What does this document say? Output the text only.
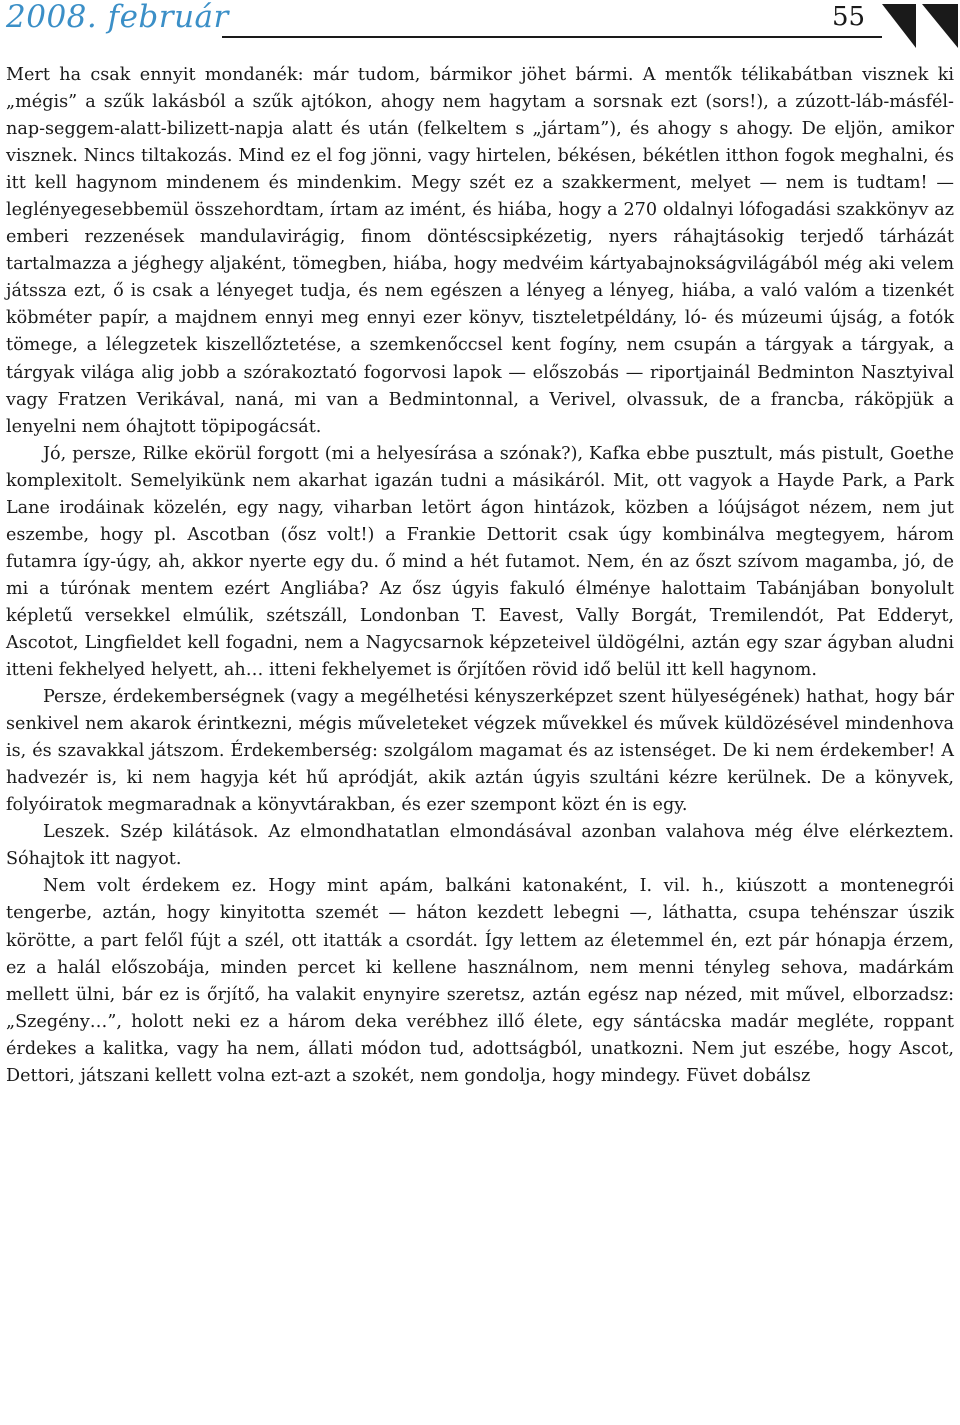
2008. február	55

Mert ha csak ennyit mondanék: már tudom, bármikor jöhet bármi. A mentők télikabátban visznek ki „mégis” a szűk lakásból a szűk ajtókon, ahogy nem hagytam a sorsnak ezt (sors!), a zúzott-láb-másfél-nap-seggem-alatt-bilizett-napja alatt és után (felkeltem s „jártam”), és ahogy s ahogy. De eljön, amikor visznek. Nincs tiltakozás. Mind ez el fog jönni, vagy hirtelen, békésen, békétlen itthon fogok meghalni, és itt kell hagynom mindenem és mindenkim. Megy szét ez a szakkerment, melyet — nem is tudtam! — leglényegesebbemül összehordtam, írtam az imént, és hiába, hogy a 270 oldalnyi lófogadási szakkönyv az emberi rezzenések mandulavirágig, finom döntéscsipkézetig, nyers ráhajtásokig terjedő tárházát tartalmazza a jéghegy aljaként, tömegben, hiába, hogy medvéim kártyabajnokságvilágából még aki velem játssza ezt, ő is csak a lényeget tudja, és nem egészen a lényeg a lényeg, hiába, a való valóm a tizenkét köbméter papír, a majdnem ennyi meg ennyi ezer könyv, tiszteletpéldány, ló- és múzeumi újság, a fotók tömege, a lélegzetek kiszellőztetése, a szemkenőccsel kent fogíny, nem csupán a tárgyak a tárgyak, a tárgyak világa alig jobb a szórakoztató fogorvosi lapok — előszobás — riportjainál Bedminton Nasztyival vagy Fratzen Verikával, naná, mi van a Bedmintonnal, a Verivel, olvassuk, de a francba, ráköpjük a lenyelni nem óhajtott töpipogácsát.

Jó, persze, Rilke ekörül forgott (mi a helyesírása a szónak?), Kafka ebbe pusztult, más pistult, Goethe komplexitolt. Semelyikünk nem akarhat igazán tudni a másikáról. Mit, ott vagyok a Hayde Park, a Park Lane irodáinak közelén, egy nagy, viharban letört ágon hintázok, közben a lóújságot nézem, nem jut eszembe, hogy pl. Ascotban (ősz volt!) a Frankie Dettorit csak úgy kombinálva megtegyem, három futamra így-úgy, ah, akkor nyerte egy du. ő mind a hét futamot. Nem, én az őszt szívom magamba, jó, de mi a túrónak mentem ezért Angliába? Az ősz úgyis fakuló élménye halottaim Tabánjában bonyolult képletű versekkel elmúlik, szétszáll, Londonban T. Eavest, Vally Borgát, Tremilendót, Pat Edderyt, Ascotot, Lingfieldet kell fogadni, nem a Nagycsarnok képzeteivel üldögélni, aztán egy szar ágyban aludni itteni fekhelyed helyett, ah… itteni fekhelyemet is őrjítően rövid idő belül itt kell hagynom.

Persze, érdekemberségnek (vagy a megélhetési kényszerképzet szent hülyeségének) hathat, hogy bár senkivel nem akarok érintkezni, mégis műveleteket végzek művekkel és művek küldözésével mindenhova is, és szavakkal játszom. Érdekemberség: szolgálom magamat és az istenséget. De ki nem érdekember! A hadvezér is, ki nem hagyja két hű apródját, akik aztán úgyis szultáni kézre kerülnek. De a könyvek, folyóiratok megmaradnak a könyvtárakban, és ezer szempont közt én is egy.

Leszek. Szép kilátások. Az elmondhatatlan elmondásával azonban valahova még élve elérkeztem. Sóhajtok itt nagyot.

Nem volt érdekem ez. Hogy mint apám, balkáni katonaként, I. vil. h., kiúszott a montenegrói tengerbe, aztán, hogy kinyitotta szemét — háton kezdett lebegni —, láthatta, csupa tehénszar úszik körötte, a part felől fújt a szél, ott itatták a csordát. Így lettem az életemmel én, ezt pár hónapja érzem, ez a halál előszobája, minden percet ki kellene használnom, nem menni tényleg sehova, madárkám mellett ülni, bár ez is őrjítő, ha valakit enynyire szeretsz, aztán egész nap nézed, mit művel, elborzadsz: „Szegény…”, holott neki ez a három deka verébhez illő élete, egy sántácska madár megléte, roppant érdekes a kalitka, vagy ha nem, állati módon tud, adottságból, unatkozni. Nem jut eszébe, hogy Ascot, Dettori, játszani kellett volna ezt-azt a szokét, nem gondolja, hogy mindegy. Füvet dobálsz
